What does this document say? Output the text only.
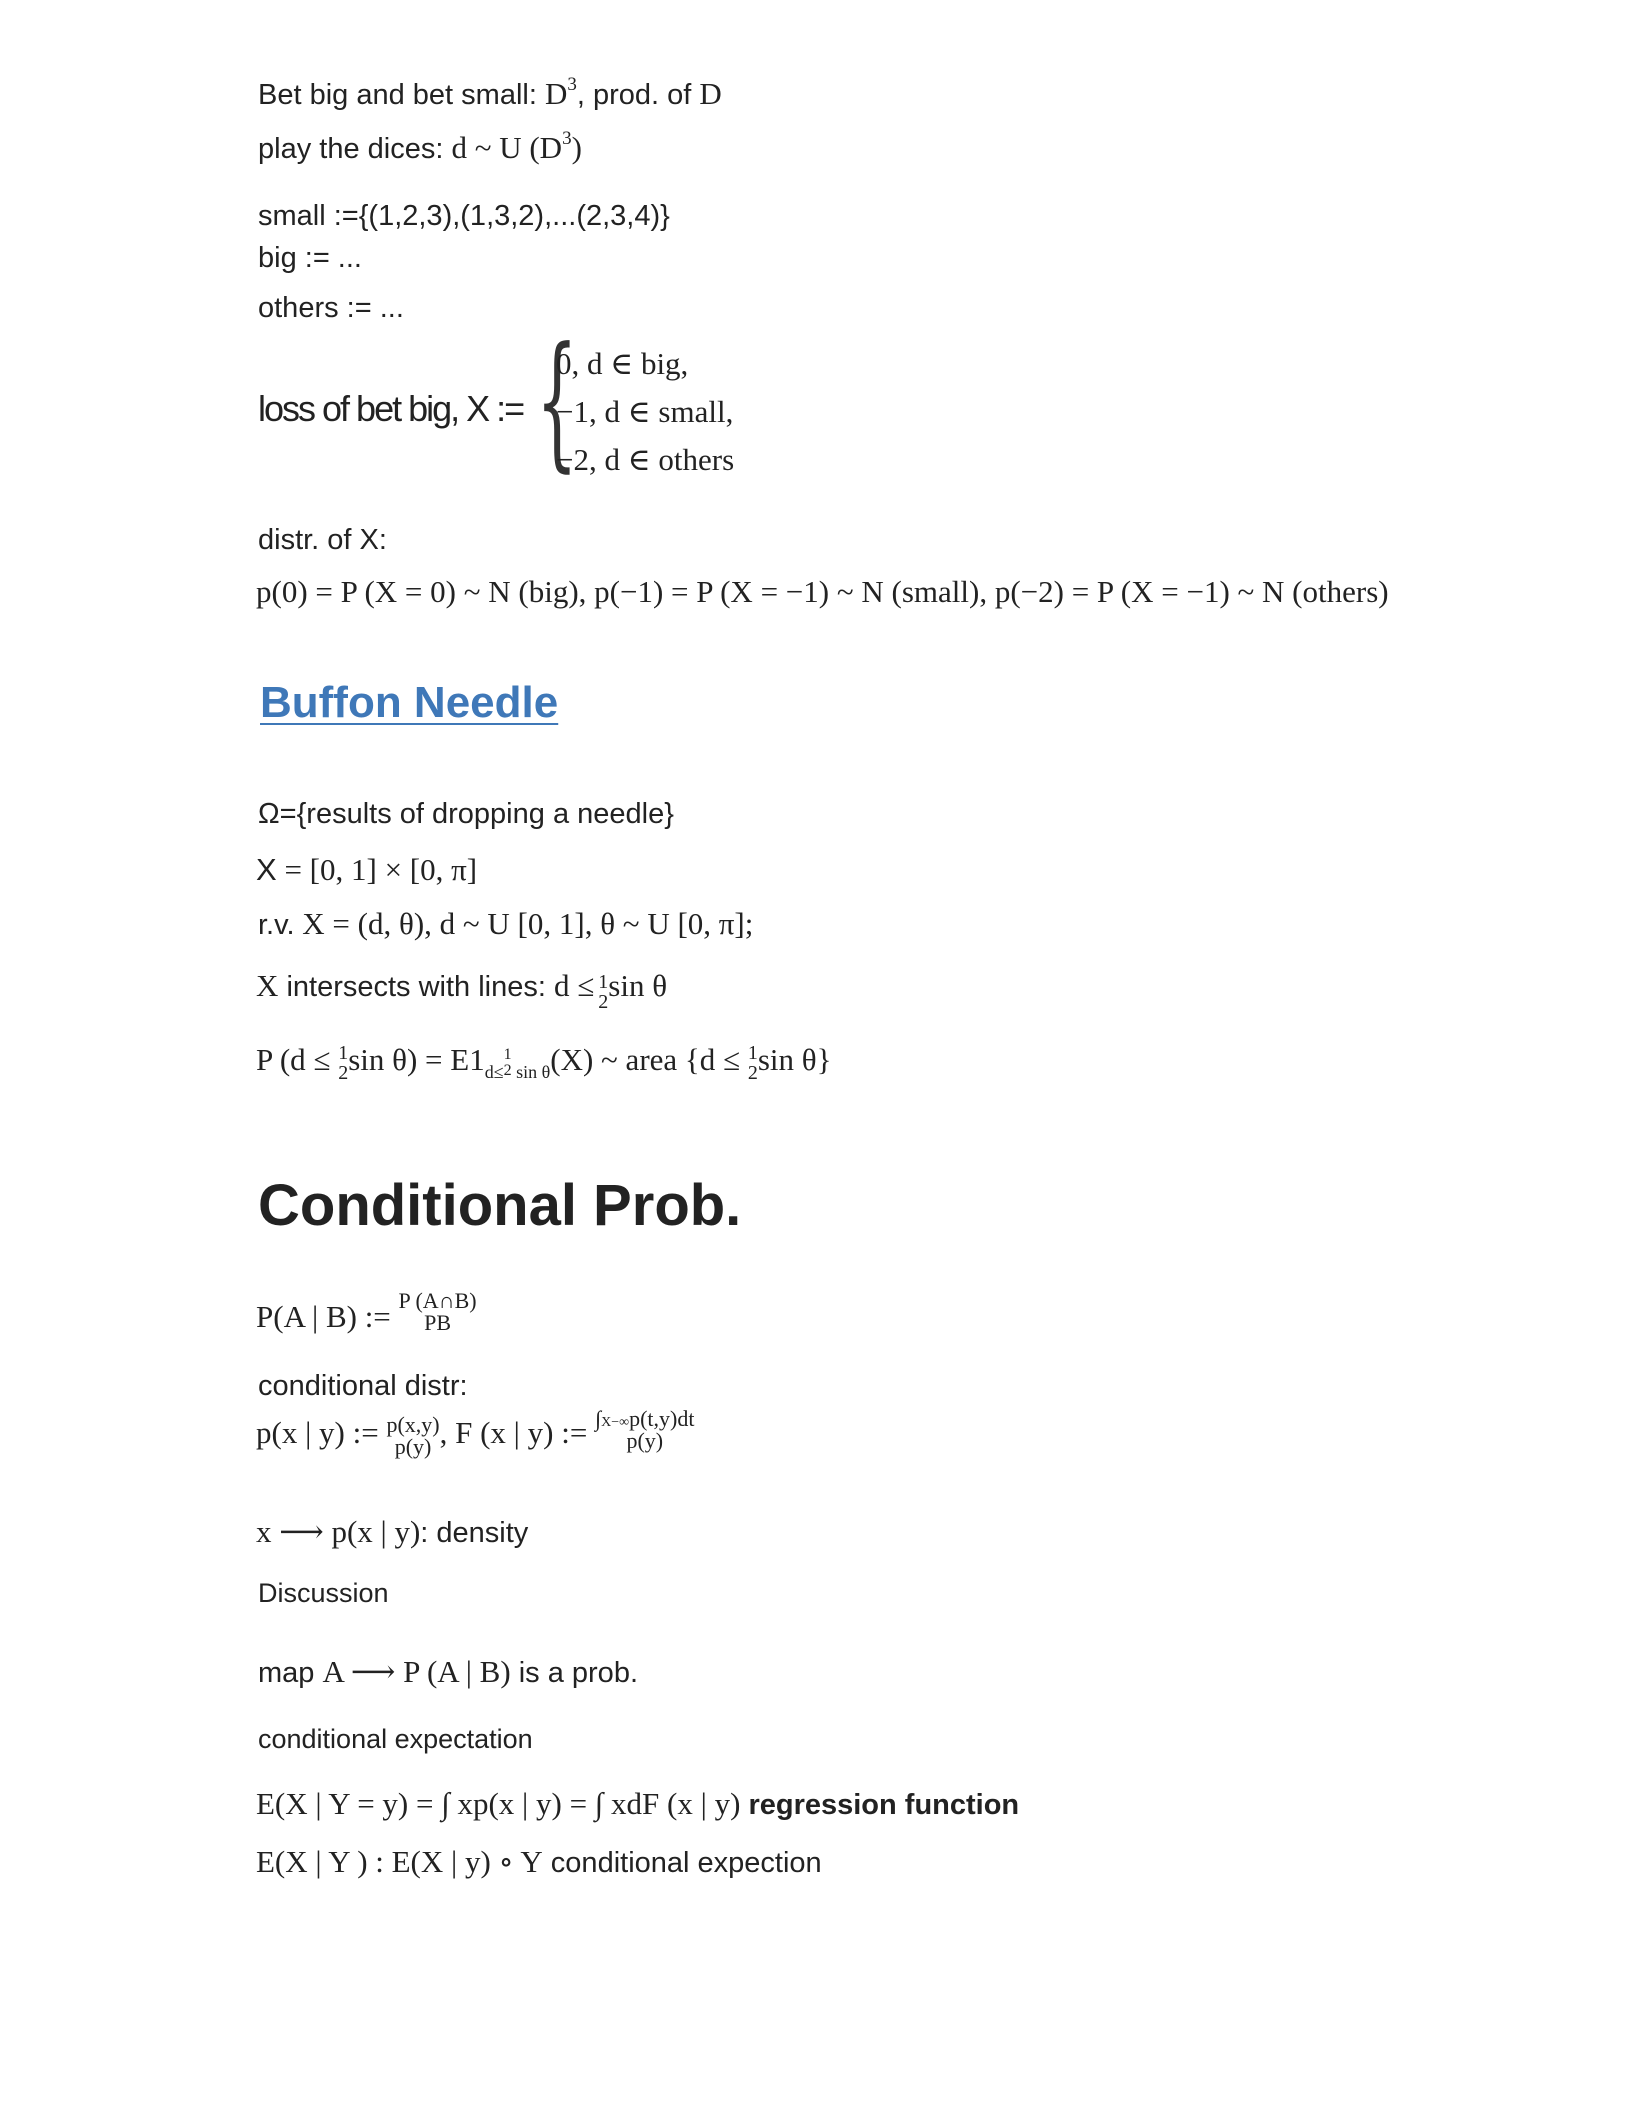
Bet big and bet small: $D^3$, prod. of D
play the dices: d ~ U $(D^3)$
small :={(1,2,3),(1,3,2),...(2,3,4)}
big := ...
others := ...
loss of bet big, X := {
0, d ∈ big,
−1, d ∈ small,
−2, d ∈ others
distr. of X:
p(0) = P (X = 0) ~ N (big), p(−1) = P (X = −1) ~ N (small), p(−2) = P (X = −1) ~ N (others)
Buffon Needle
Ω={results of dropping a needle}
X = [0, 1] × [0, π]
r.v. X = (d, θ), d ~ U [0, 1], θ ~ U [0, π];
X intersects with lines: d ≤ 1
2 sin θ
P (d ≤ 1
2 $\sin \theta) = E1_{d\le}$
1
2 $_{sin \theta}$(X) ~ area {d ≤ 1
2 sin θ}
Conditional Prob.
P(A | B) := P (A∩B)
PB
conditional distr:
p(x | y) := p(x,y)
p(y) , F (x | y) := ∫X−∞p(t,y)dt
p(y)
x ⟶ p(x | y): density
Discussion
map A ⟶ P (A | B) is a prob.
conditional expectation
E(X | Y = y) = ∫ xp(x | y) = ∫ xdF (x | y) regression function
E(X | Y ) : E(X | y) ∘ Y conditional expection
